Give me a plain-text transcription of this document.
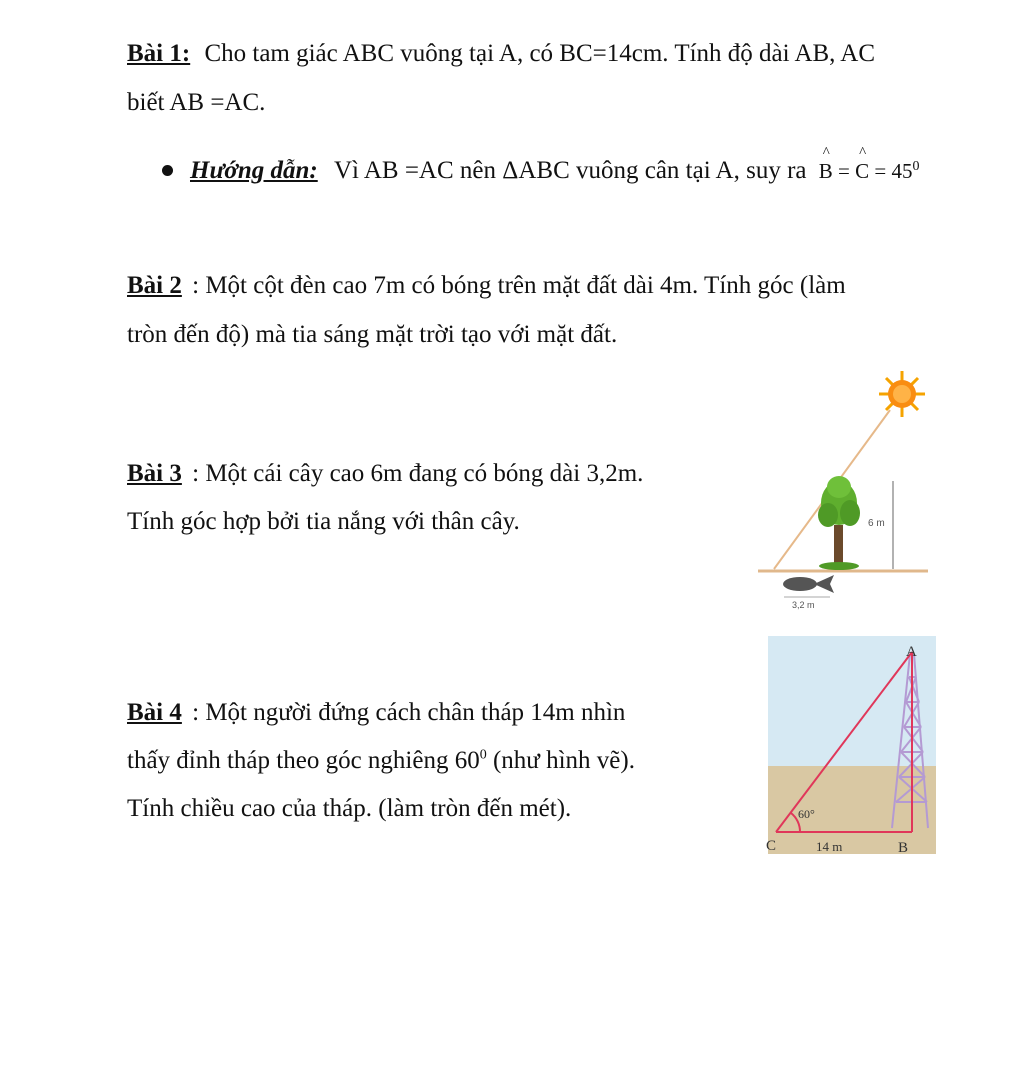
Bài 1: Cho tam giác ABC vuông tại A, có BC=14cm. Tính độ dài AB, AC
biết AB =AC.
Hướng dẫn: Vì AB =AC nên ΔABC vuông cân tại A, suy ra
^
B =
^
$C = 45^0$
Bài 2 : Một cột đèn cao 7m có bóng trên mặt đất dài 4m. Tính góc (làm
tròn đến độ) mà tia sáng mặt trời tạo với mặt đất.
Bài 3 : Một cái cây cao 6m đang có bóng dài 3,2m.
Tính góc hợp bởi tia nắng với thân cây.	6 m
3,2 m
Bài 4 : Một người đứng cách chân tháp 14m nhìn
thấy đỉnh tháp theo góc nghiêng $60^0$ (như hình vẽ).
Tính chiều cao của tháp. (làm tròn đến mét).
A
C	B
60°
14 m
